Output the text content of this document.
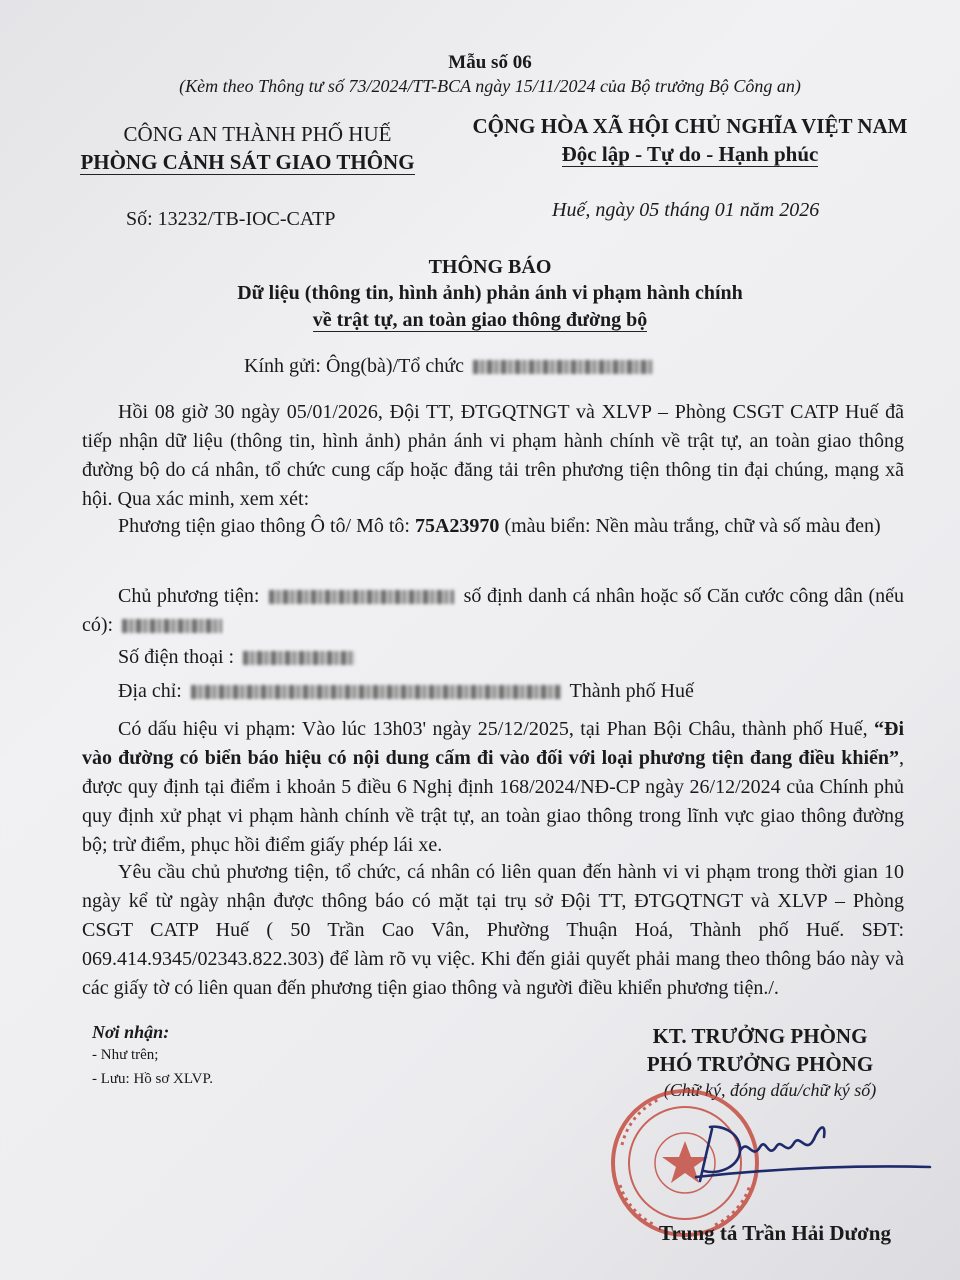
Mẫu số 06
(Kèm theo Thông tư số 73/2024/TT-BCA ngày 15/11/2024 của Bộ trưởng Bộ Công an)
CÔNG AN THÀNH PHỐ HUẾ
PHÒNG CẢNH SÁT GIAO THÔNG
CỘNG HÒA XÃ HỘI CHỦ NGHĨA VIỆT NAM
Độc lập - Tự do - Hạnh phúc
Số: 13232/TB-IOC-CATP	Huế, ngày 05 tháng 01 năm 2026
THÔNG BÁO
Dữ liệu (thông tin, hình ảnh) phản ánh vi phạm hành chính
về trật tự, an toàn giao thông đường bộ
Kính gửi: Ông(bà)/Tổ chức
Hồi 08 giờ 30 ngày 05/01/2026, Đội TT, ĐTGQTNGT và XLVP – Phòng CSGT CATP Huế đã tiếp nhận dữ liệu (thông tin, hình ảnh) phản ánh vi phạm hành chính về trật tự, an toàn giao thông đường bộ do cá nhân, tổ chức cung cấp hoặc đăng tải trên phương tiện thông tin đại chúng, mạng xã hội. Qua xác minh, xem xét:
Phương tiện giao thông Ô tô/ Mô tô: 75A23970 (màu biển: Nền màu trắng, chữ và số màu đen)
Chủ phương tiện:	số định danh cá nhân hoặc số Căn cước công dân (nếu có):
Số điện thoại :
Địa chỉ:	Thành phố Huế
Có dấu hiệu vi phạm: Vào lúc 13h03' ngày 25/12/2025, tại Phan Bội Châu, thành phố Huế, “Đi vào đường có biển báo hiệu có nội dung cấm đi vào đối với loại phương tiện đang điều khiển”, được quy định tại điểm i khoản 5 điều 6 Nghị định 168/2024/NĐ-CP ngày 26/12/2024 của Chính phủ quy định xử phạt vi phạm hành chính về trật tự, an toàn giao thông trong lĩnh vực giao thông đường bộ; trừ điểm, phục hồi điểm giấy phép lái xe.
Yêu cầu chủ phương tiện, tổ chức, cá nhân có liên quan đến hành vi vi phạm trong thời gian 10 ngày kể từ ngày nhận được thông báo có mặt tại trụ sở Đội TT, ĐTGQTNGT và XLVP – Phòng CSGT CATP Huế ( 50 Trần Cao Vân, Phường Thuận Hoá, Thành phố Huế. SĐT: 069.414.9345/02343.822.303) để làm rõ vụ việc. Khi đến giải quyết phải mang theo thông báo này và các giấy tờ có liên quan đến phương tiện giao thông và người điều khiển phương tiện./.
Nơi nhận:
- Như trên;
- Lưu: Hồ sơ XLVP.
KT. TRƯỞNG PHÒNG
PHÓ TRƯỞNG PHÒNG
(Chữ ký, đóng dấu/chữ ký số)
Trung tá Trần Hải Dương
